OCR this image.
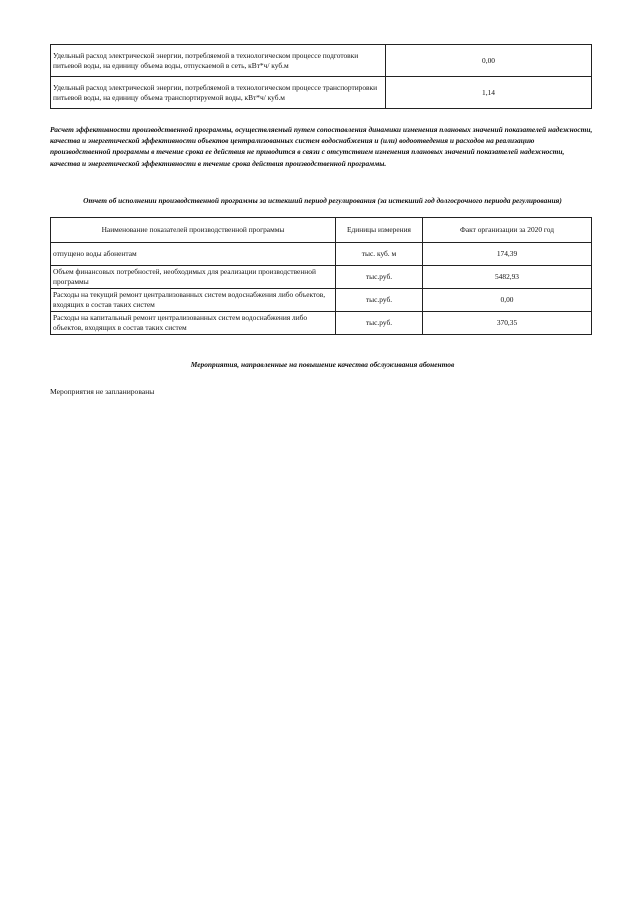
Удельный расход электрической энергии, потребляемой в технологическом процессе подготовки питьевой воды, на единицу объема воды, отпускаемой в сеть, кВт*ч/ куб.м	0,00
Удельный расход электрической энергии, потребляемой в технологическом процессе транспортировки питьевой воды, на единицу объема транспортируемой воды, кВт*ч/ куб.м	1,14
Расчет эффективности производственной программы, осуществляемый путем сопоставления динамики изменения плановых значений показателей надежности, качества и энергетической эффективности объектов централизованных систем водоснабжения и (или) водоотведения и расходов на реализацию производственной программы в течение срока ее действия не приводится в связи с отсутствием изменения плановых значений показателей надежности, качества и энергетической эффективности в течение срока действия производственной программы.
Отчет об исполнении производственной программы за истекший период регулирования (за истекший год долгосрочного периода регулирования)
Наименование показателей производственной программы	Единицы измерения	Факт организации за 2020 год
отпущено воды абонентам	тыс. куб. м	174,39
Объем финансовых потребностей, необходимых для реализации производственной программы	тыс.руб.	5482,93
Расходы на текущий ремонт централизованных систем водоснабжения либо объектов, входящих в состав таких систем	тыс.руб.	0,00
Расходы на капитальный ремонт централизованных систем водоснабжения либо объектов, входящих в состав таких систем	тыс.руб.	370,35
Мероприятия, направленные на повышение качества обслуживания абонентов
Мероприятия не запланированы
